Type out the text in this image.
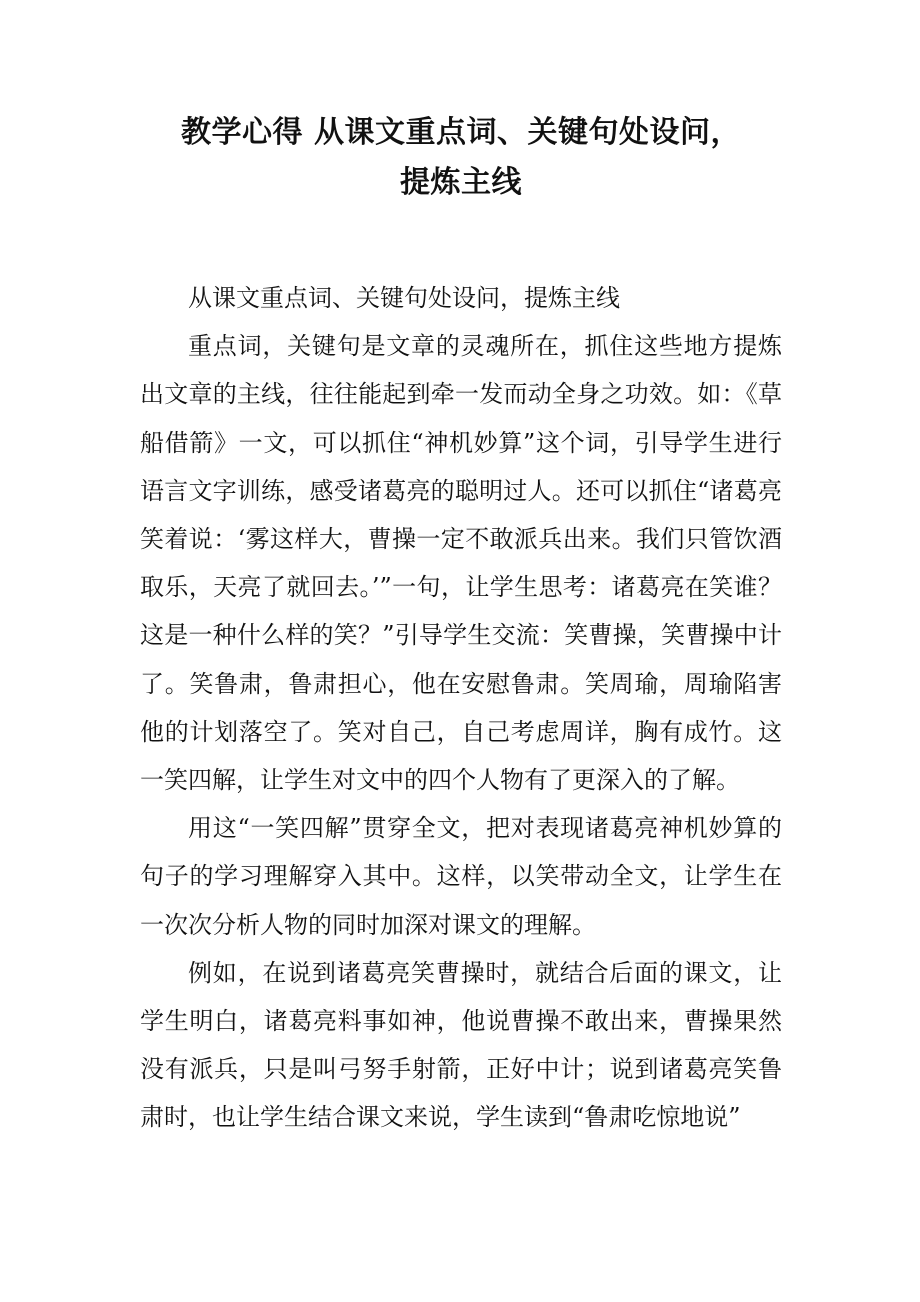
教学心得 从课文重点词、关键句处设问，
提炼主线

从课文重点词、关键句处设问，提炼主线

重点词，关键句是文章的灵魂所在，抓住这些地方提炼出文章的主线，往往能起到牵一发而动全身之功效。如：《草船借箭》一文，可以抓住“神机妙算”这个词，引导学生进行语言文字训练，感受诸葛亮的聪明过人。还可以抓住“诸葛亮笑着说：‘雾这样大，曹操一定不敢派兵出来。我们只管饮酒取乐，天亮了就回去。’”一句，让学生思考：诸葛亮在笑谁？这是一种什么样的笑？”引导学生交流：笑曹操，笑曹操中计了。笑鲁肃，鲁肃担心，他在安慰鲁肃。笑周瑜，周瑜陷害他的计划落空了。笑对自己，自己考虑周详，胸有成竹。这一笑四解，让学生对文中的四个人物有了更深入的了解。

用这“一笑四解”贯穿全文，把对表现诸葛亮神机妙算的句子的学习理解穿入其中。这样，以笑带动全文，让学生在一次次分析人物的同时加深对课文的理解。

例如，在说到诸葛亮笑曹操时，就结合后面的课文，让学生明白，诸葛亮料事如神，他说曹操不敢出来，曹操果然没有派兵，只是叫弓努手射箭，正好中计；说到诸葛亮笑鲁肃时，也让学生结合课文来说，学生读到“鲁肃吃惊地说”
